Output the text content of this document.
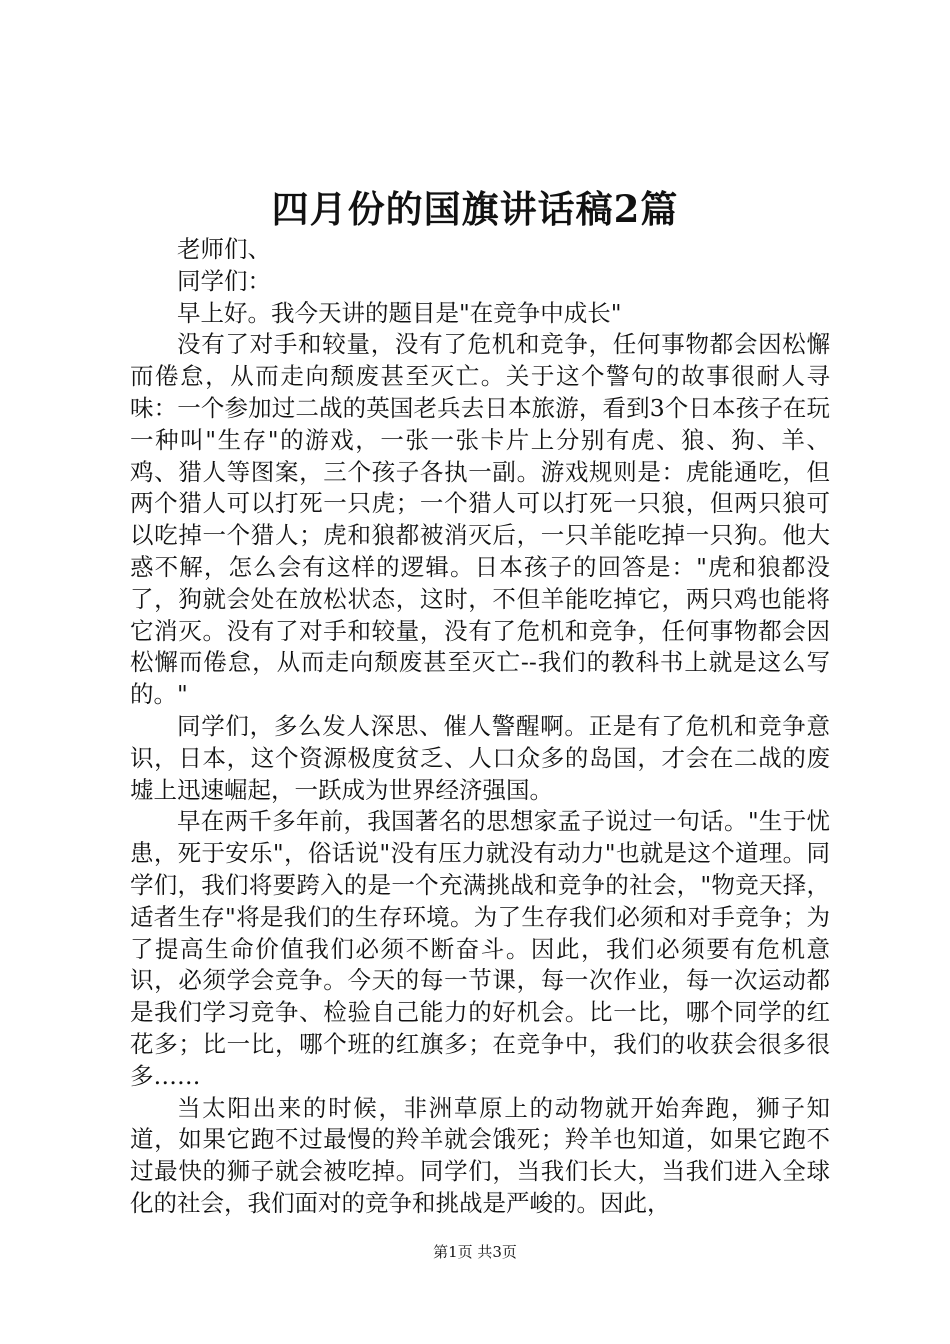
四月份的国旗讲话稿2篇

老师们、

同学们：

早上好。我今天讲的题目是"在竞争中成长"

没有了对手和较量，没有了危机和竞争，任何事物都会因松懈而倦怠，从而走向颓废甚至灭亡。关于这个警句的故事很耐人寻味：一个参加过二战的英国老兵去日本旅游，看到3个日本孩子在玩一种叫"生存"的游戏，一张一张卡片上分别有虎、狼、狗、羊、鸡、猎人等图案，三个孩子各执一副。游戏规则是：虎能通吃，但两个猎人可以打死一只虎；一个猎人可以打死一只狼，但两只狼可以吃掉一个猎人；虎和狼都被消灭后，一只羊能吃掉一只狗。他大惑不解，怎么会有这样的逻辑。日本孩子的回答是："虎和狼都没了，狗就会处在放松状态，这时，不但羊能吃掉它，两只鸡也能将它消灭。没有了对手和较量，没有了危机和竞争，任何事物都会因松懈而倦怠，从而走向颓废甚至灭亡--我们的教科书上就是这么写的。"

同学们，多么发人深思、催人警醒啊。正是有了危机和竞争意识，日本，这个资源极度贫乏、人口众多的岛国，才会在二战的废墟上迅速崛起，一跃成为世界经济强国。

早在两千多年前，我国著名的思想家孟子说过一句话。"生于忧患，死于安乐"，俗话说"没有压力就没有动力"也就是这个道理。同学们，我们将要跨入的是一个充满挑战和竞争的社会，"物竞天择，适者生存"将是我们的生存环境。为了生存我们必须和对手竞争；为了提高生命价值我们必须不断奋斗。因此，我们必须要有危机意识，必须学会竞争。今天的每一节课，每一次作业，每一次运动都是我们学习竞争、检验自己能力的好机会。比一比，哪个同学的红花多；比一比，哪个班的红旗多；在竞争中，我们的收获会很多很多……

当太阳出来的时候，非洲草原上的动物就开始奔跑，狮子知道，如果它跑不过最慢的羚羊就会饿死；羚羊也知道，如果它跑不过最快的狮子就会被吃掉。同学们，当我们长大，当我们进入全球化的社会，我们面对的竞争和挑战是严峻的。因此，

第1页 共3页
